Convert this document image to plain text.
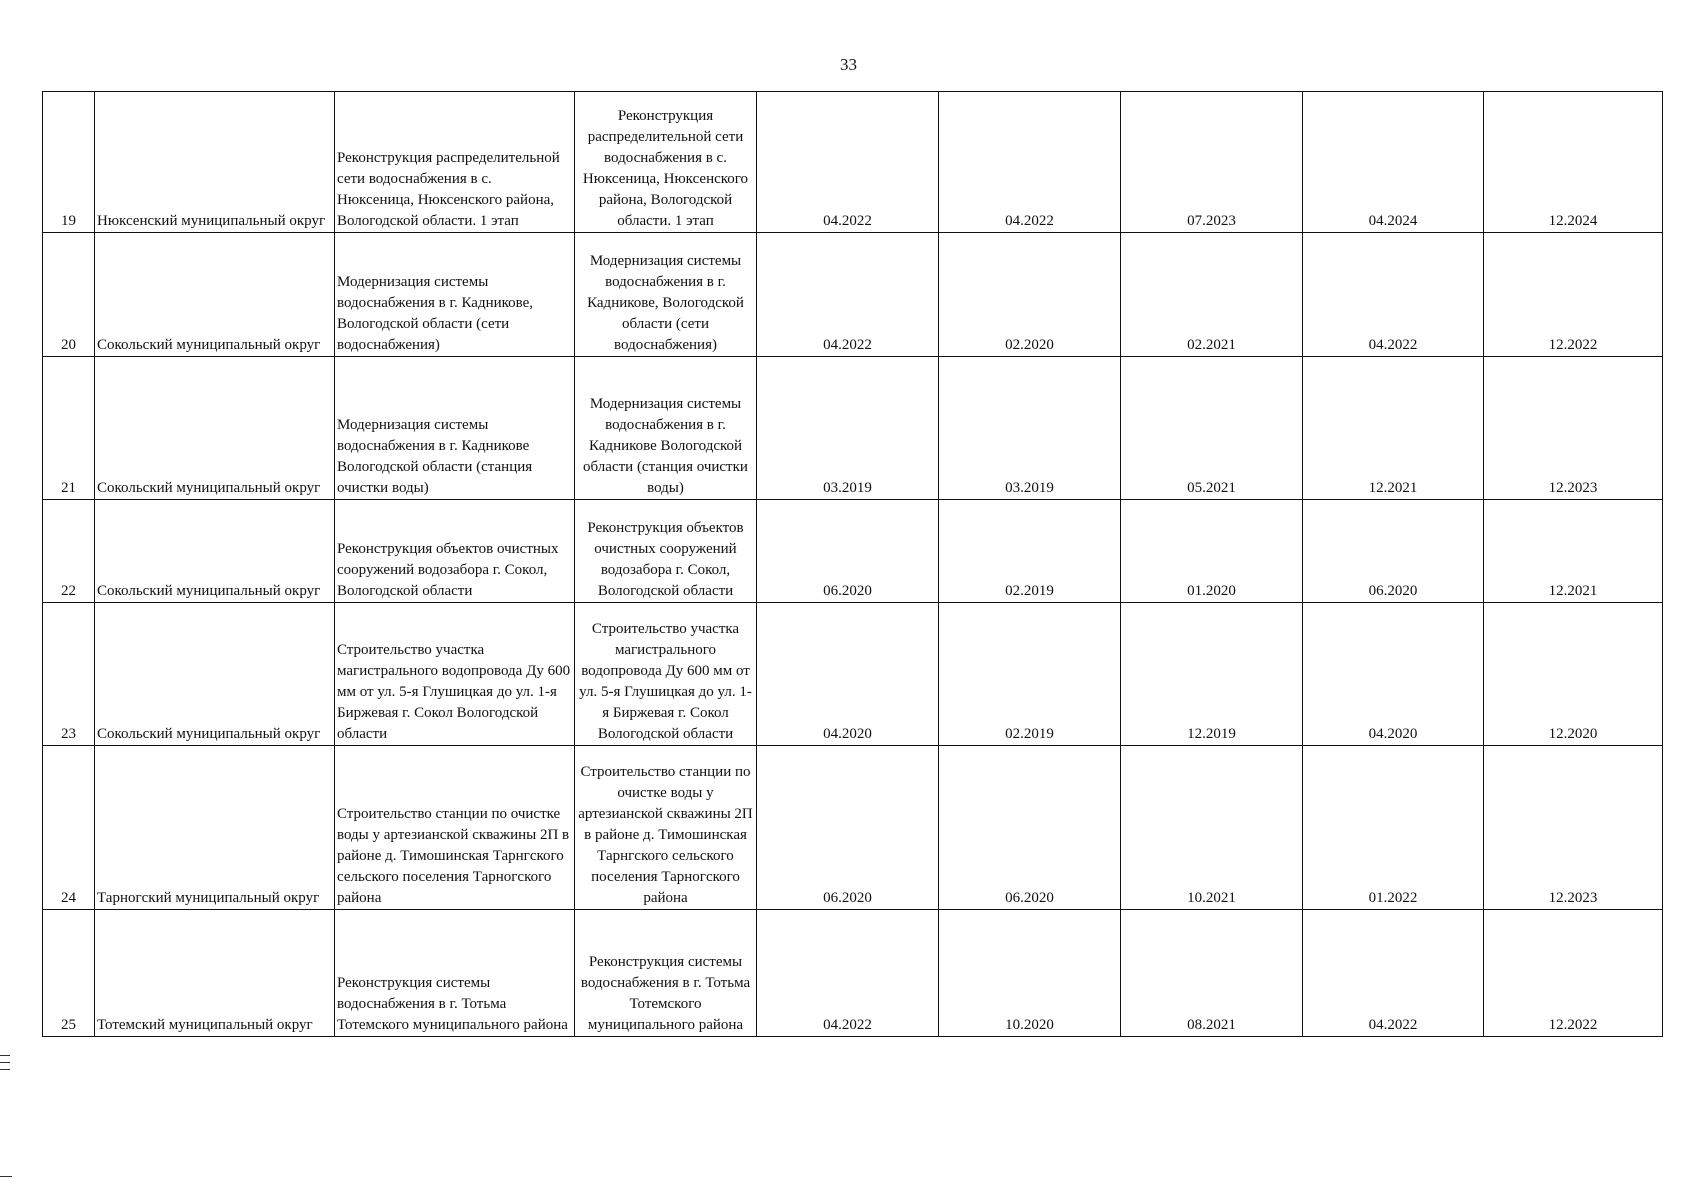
33
19	Нюксенский муниципальный округ	Реконструкция распределительной сети водоснабжения в с. Нюксеница, Нюксенского района, Вологодской области. 1 этап	Реконструкция распределительной сети водоснабжения в с. Нюксеница, Нюксенского района, Вологодской области. 1 этап	04.2022	04.2022	07.2023	04.2024	12.2024
20	Сокольский муниципальный округ	Модернизация системы водоснабжения в г. Кадникове, Вологодской области (сети водоснабжения)	Модернизация системы водоснабжения в г. Кадникове, Вологодской области (сети водоснабжения)	04.2022	02.2020	02.2021	04.2022	12.2022
21	Сокольский муниципальный округ	Модернизация системы водоснабжения в г. Кадникове Вологодской области (станция очистки воды)	Модернизация системы водоснабжения в г. Кадникове Вологодской области (станция очистки воды)	03.2019	03.2019	05.2021	12.2021	12.2023
22	Сокольский муниципальный округ	Реконструкция объектов очистных сооружений водозабора г. Сокол, Вологодской области	Реконструкция объектов очистных сооружений водозабора г. Сокол, Вологодской области	06.2020	02.2019	01.2020	06.2020	12.2021
23	Сокольский муниципальный округ	Строительство участка магистрального водопровода Ду 600 мм от ул. 5-я Глушицкая до ул. 1-я Биржевая г. Сокол Вологодской области	Строительство участка магистрального водопровода Ду 600 мм от ул. 5-я Глушицкая до ул. 1-я Биржевая г. Сокол Вологодской области	04.2020	02.2019	12.2019	04.2020	12.2020
24	Тарногский муниципальный округ	Строительство станции по очистке воды у артезианской скважины 2П в районе д. Тимошинская Тарнгского сельского поселения Тарногского района	Строительство станции по очистке воды у артезианской скважины 2П в районе д. Тимошинская Тарнгского сельского поселения Тарногского района	06.2020	06.2020	10.2021	01.2022	12.2023
25	Тотемский муниципальный округ	Реконструкция системы водоснабжения в г. Тотьма Тотемского муниципального района	Реконструкция системы водоснабжения в г. Тотьма Тотемского муниципального района	04.2022	10.2020	08.2021	04.2022	12.2022
